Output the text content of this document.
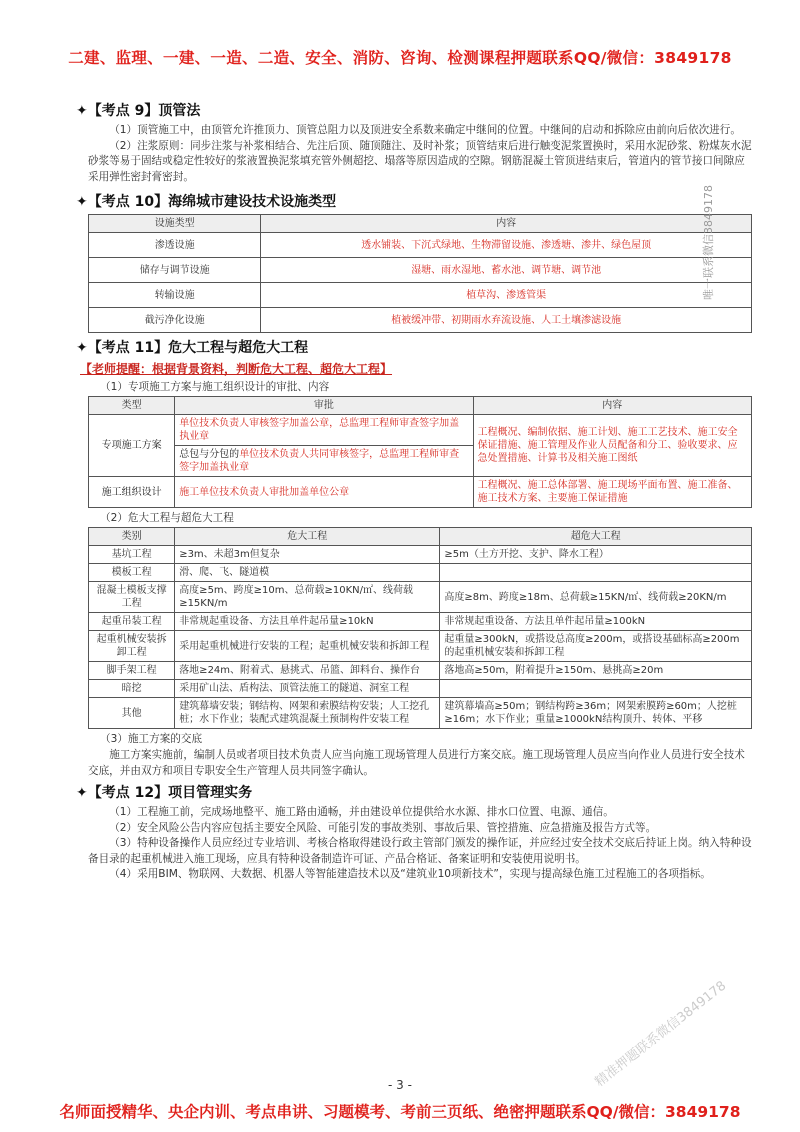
二建、监理、一建、一造、二造、安全、消防、咨询、检测课程押题联系QQ/微信：3849178
✦【考点 9】顶管法

（1）顶管施工中，由顶管允许推顶力、顶管总阻力以及顶进安全系数来确定中继间的位置。中继间的启动和拆除应由前向后依次进行。

（2）注浆原则：同步注浆与补浆相结合、先注后顶、随顶随注、及时补浆；顶管结束后进行触变泥浆置换时，采用水泥砂浆、粉煤灰水泥砂浆等易于固结或稳定性较好的浆液置换泥浆填充管外侧超挖、塌落等原因造成的空隙。钢筋混凝土管顶进结束后，管道内的管节接口间隙应采用弹性密封膏密封。

✦【考点 10】海绵城市建设技术设施类型
设施类型	内容
渗透设施	透水铺装、下沉式绿地、生物滞留设施、渗透塘、渗井、绿色屋顶
储存与调节设施	湿塘、雨水湿地、蓄水池、调节塘、调节池
转输设施	植草沟、渗透管渠
截污净化设施	植被缓冲带、初期雨水弃流设施、人工土壤渗滤设施
✦【考点 11】危大工程与超危大工程
【老师提醒：根据背景资料，判断危大工程、超危大工程】
（1）专项施工方案与施工组织设计的审批、内容
类型	审批	内容
专项施工方案	单位技术负责人审核签字加盖公章，总监理工程师审查签字加盖执业章	工程概况、编制依据、施工计划、施工工艺技术、施工安全保证措施、施工管理及作业人员配备和分工、验收要求、应急处置措施、计算书及相关施工图纸
	总包与分包的单位技术负责人共同审核签字，总监理工程师审查签字加盖执业章	
施工组织设计	施工单位技术负责人审批加盖单位公章	工程概况、施工总体部署、施工现场平面布置、施工准备、施工技术方案、主要施工保证措施
（2）危大工程与超危大工程
类别	危大工程	超危大工程
基坑工程	≥3m、未超3m但复杂	≥5m（土方开挖、支护、降水工程）
模板工程	滑、爬、飞、隧道模	
混凝土模板支撑工程	高度≥5m、跨度≥10m、总荷载≥10KN/㎡、线荷载≥15KN/m	高度≥8m、跨度≥18m、总荷载≥15KN/㎡、线荷载≥20KN/m
起重吊装工程	非常规起重设备、方法且单件起吊量≥10kN	非常规起重设备、方法且单件起吊量≥100kN
起重机械安装拆卸工程	采用起重机械进行安装的工程；起重机械安装和拆卸工程	起重量≥300kN，或搭设总高度≥200m，或搭设基础标高≥200m的起重机械安装和拆卸工程
脚手架工程	落地≥24m、附着式、悬挑式、吊篮、卸料台、操作台	落地高≥50m，附着提升≥150m、悬挑高≥20m
暗挖	采用矿山法、盾构法、顶管法施工的隧道、洞室工程	
其他	建筑幕墙安装；钢结构、网架和索膜结构安装；人工挖孔桩；水下作业；装配式建筑混凝土预制构件安装工程	建筑幕墙高≥50m；钢结构跨≥36m；网架索膜跨≥60m；人挖桩≥16m；水下作业；重量≥1000kN结构顶升、转体、平移
（3）施工方案的交底

施工方案实施前，编制人员或者项目技术负责人应当向施工现场管理人员进行方案交底。施工现场管理人员应当向作业人员进行安全技术交底，并由双方和项目专职安全生产管理人员共同签字确认。

✦【考点 12】项目管理实务

（1）工程施工前，完成场地整平、施工路由通畅，并由建设单位提供给水水源、排水口位置、电源、通信。

（2）安全风险公告内容应包括主要安全风险、可能引发的事故类别、事故后果、管控措施、应急措施及报告方式等。

（3）特种设备操作人员应经过专业培训、考核合格取得建设行政主管部门颁发的操作证，并应经过安全技术交底后持证上岗。纳入特种设备目录的起重机械进入施工现场，应具有特种设备制造许可证、产品合格证、备案证明和安装使用说明书。

（4）采用BIM、物联网、大数据、机器人等智能建造技术以及“建筑业10项新技术”，实现与提高绿色施工过程施工的各项指标。

唯一联系微信3849178
精准押题联系微信3849178
- 3 -
名师面授精华、央企内训、考点串讲、习题模考、考前三页纸、绝密押题联系QQ/微信：3849178
